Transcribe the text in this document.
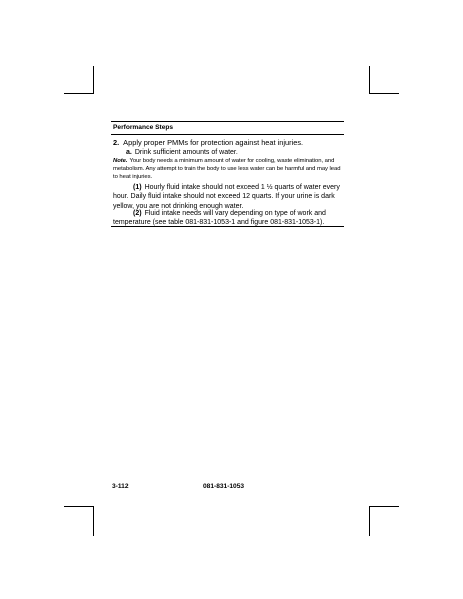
Performance Steps
2. Apply proper PMMs for protection against heat injuries.
a. Drink sufficient amounts of water.
Note. Your body needs a minimum amount of water for cooling, waste elimination, and metabolism. Any attempt to train the body to use less water can be harmful and may lead to heat injuries.
(1) Hourly fluid intake should not exceed 1 ½ quarts of water every hour. Daily fluid intake should not exceed 12 quarts. If your urine is dark yellow, you are not drinking enough water.
(2) Fluid intake needs will vary depending on type of work and temperature (see table 081-831-1053-1 and figure 081-831-1053-1).
3-112	081-831-1053
